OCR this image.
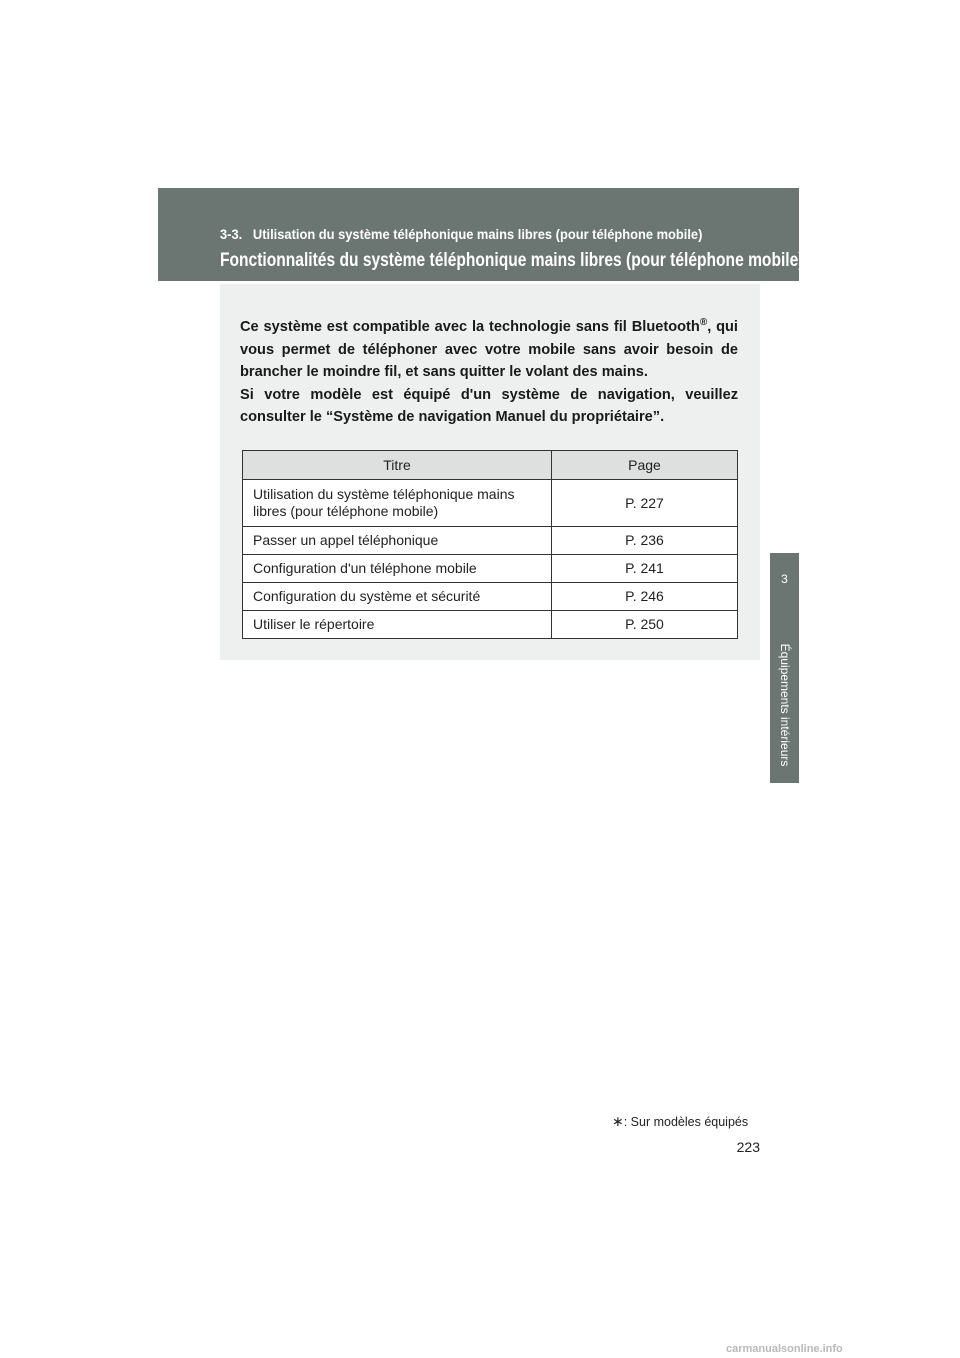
3-3.   Utilisation du système téléphonique mains libres (pour téléphone mobile)
Fonctionnalités du système téléphonique mains libres (pour téléphone mobile)∗
3
Équipements intérieurs
Ce système est compatible avec la technologie sans fil Bluetooth®, qui vous permet de téléphoner avec votre mobile sans avoir besoin de brancher le moindre fil, et sans quitter le volant des mains.
Si votre modèle est équipé d'un système de navigation, veuillez consulter le “Système de navigation Manuel du propriétaire”.
Titre	Page
Utilisation du système téléphonique mains libres (pour téléphone mobile)	P. 227
Passer un appel téléphonique	P. 236
Configuration d'un téléphone mobile	P. 241
Configuration du système et sécurité	P. 246
Utiliser le répertoire	P. 250
∗: Sur modèles équipés
223
carmanualsonline.info
